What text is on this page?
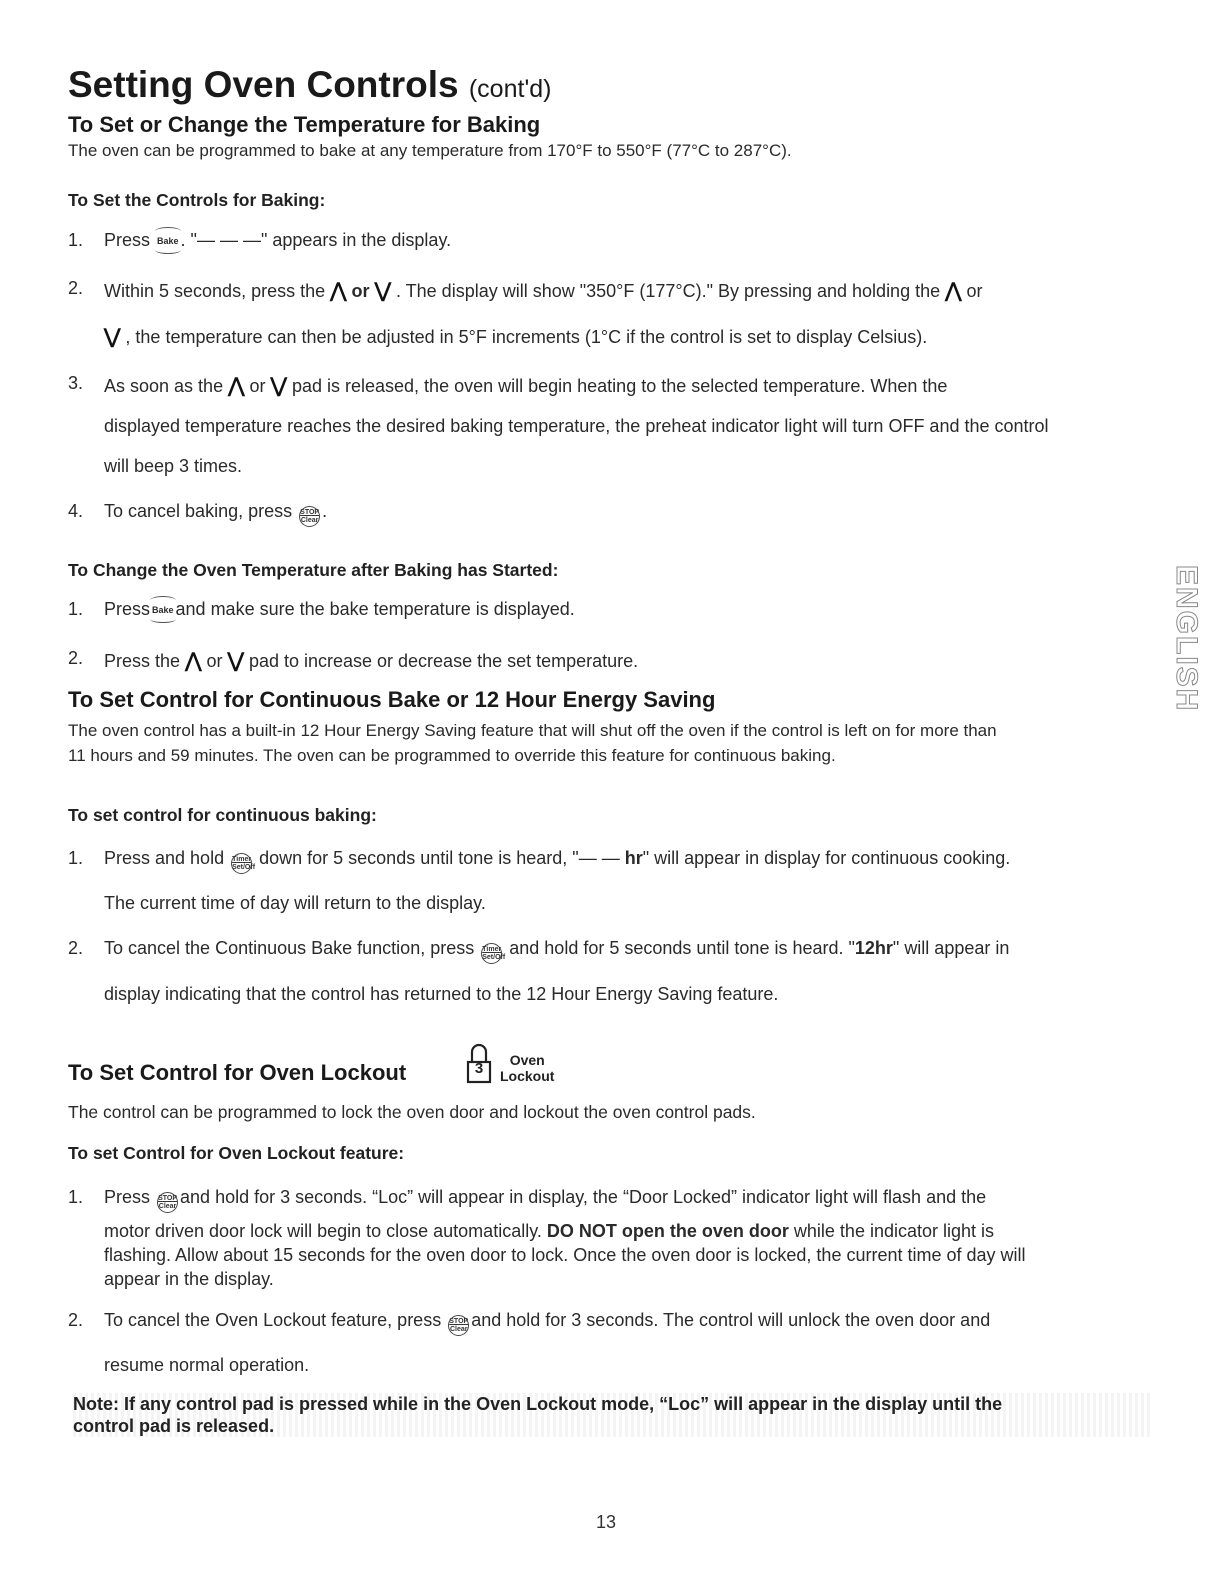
Setting Oven Controls (cont'd)
To Set or Change the Temperature for Baking
The oven can be programmed to bake at any temperature from 170°F to 550°F (77°C to 287°C).
To Set the Controls for Baking:
1. Press Bake . "— — —" appears in the display.
2. Within 5 seconds, press the ⋀ or ⋁ . The display will show "350°F (177°C)." By pressing and holding the ⋀ or
⋁ , the temperature can then be adjusted in 5°F increments (1°C if the control is set to display Celsius).
3. As soon as the ⋀ or ⋁ pad is released, the oven will begin heating to the selected temperature. When the
displayed temperature reaches the desired baking temperature, the preheat indicator light will turn OFF and the control
will beep 3 times.
4. To cancel baking, press STOP
Clear .
To Change the Oven Temperature after Baking has Started:
1. Press Bake and make sure the bake temperature is displayed.
2. Press the ⋀ or ⋁ pad to increase or decrease the set temperature.
To Set Control for Continuous Bake or 12 Hour Energy Saving
The oven control has a built-in 12 Hour Energy Saving feature that will shut off the oven if the control is left on for more than
11 hours and 59 minutes. The oven can be programmed to override this feature for continuous baking.
To set control for continuous baking:
1. Press and hold Timer
Set/Off down for 5 seconds until tone is heard, "— — hr" will appear in display for continuous cooking.
The current time of day will return to the display.
2. To cancel the Continuous Bake function, press Timer
Set/Off and hold for 5 seconds until tone is heard. "12hr" will appear in
display indicating that the control has returned to the 12 Hour Energy Saving feature.
To Set Control for Oven Lockout	3	Oven
Lockout
The control can be programmed to lock the oven door and lockout the oven control pads.
To set Control for Oven Lockout feature:
1. Press STOP
Clear and hold for 3 seconds. “Loc” will appear in display, the “Door Locked” indicator light will flash and the
motor driven door lock will begin to close automatically. DO NOT open the oven door while the indicator light is
flashing. Allow about 15 seconds for the oven door to lock. Once the oven door is locked, the current time of day will
appear in the display.
2. To cancel the Oven Lockout feature, press STOP
Clear and hold for 3 seconds. The control will unlock the oven door and
resume normal operation.
Note: If any control pad is pressed while in the Oven Lockout mode, “Loc” will appear in the display until the
control pad is released.
ENGLISH
13
